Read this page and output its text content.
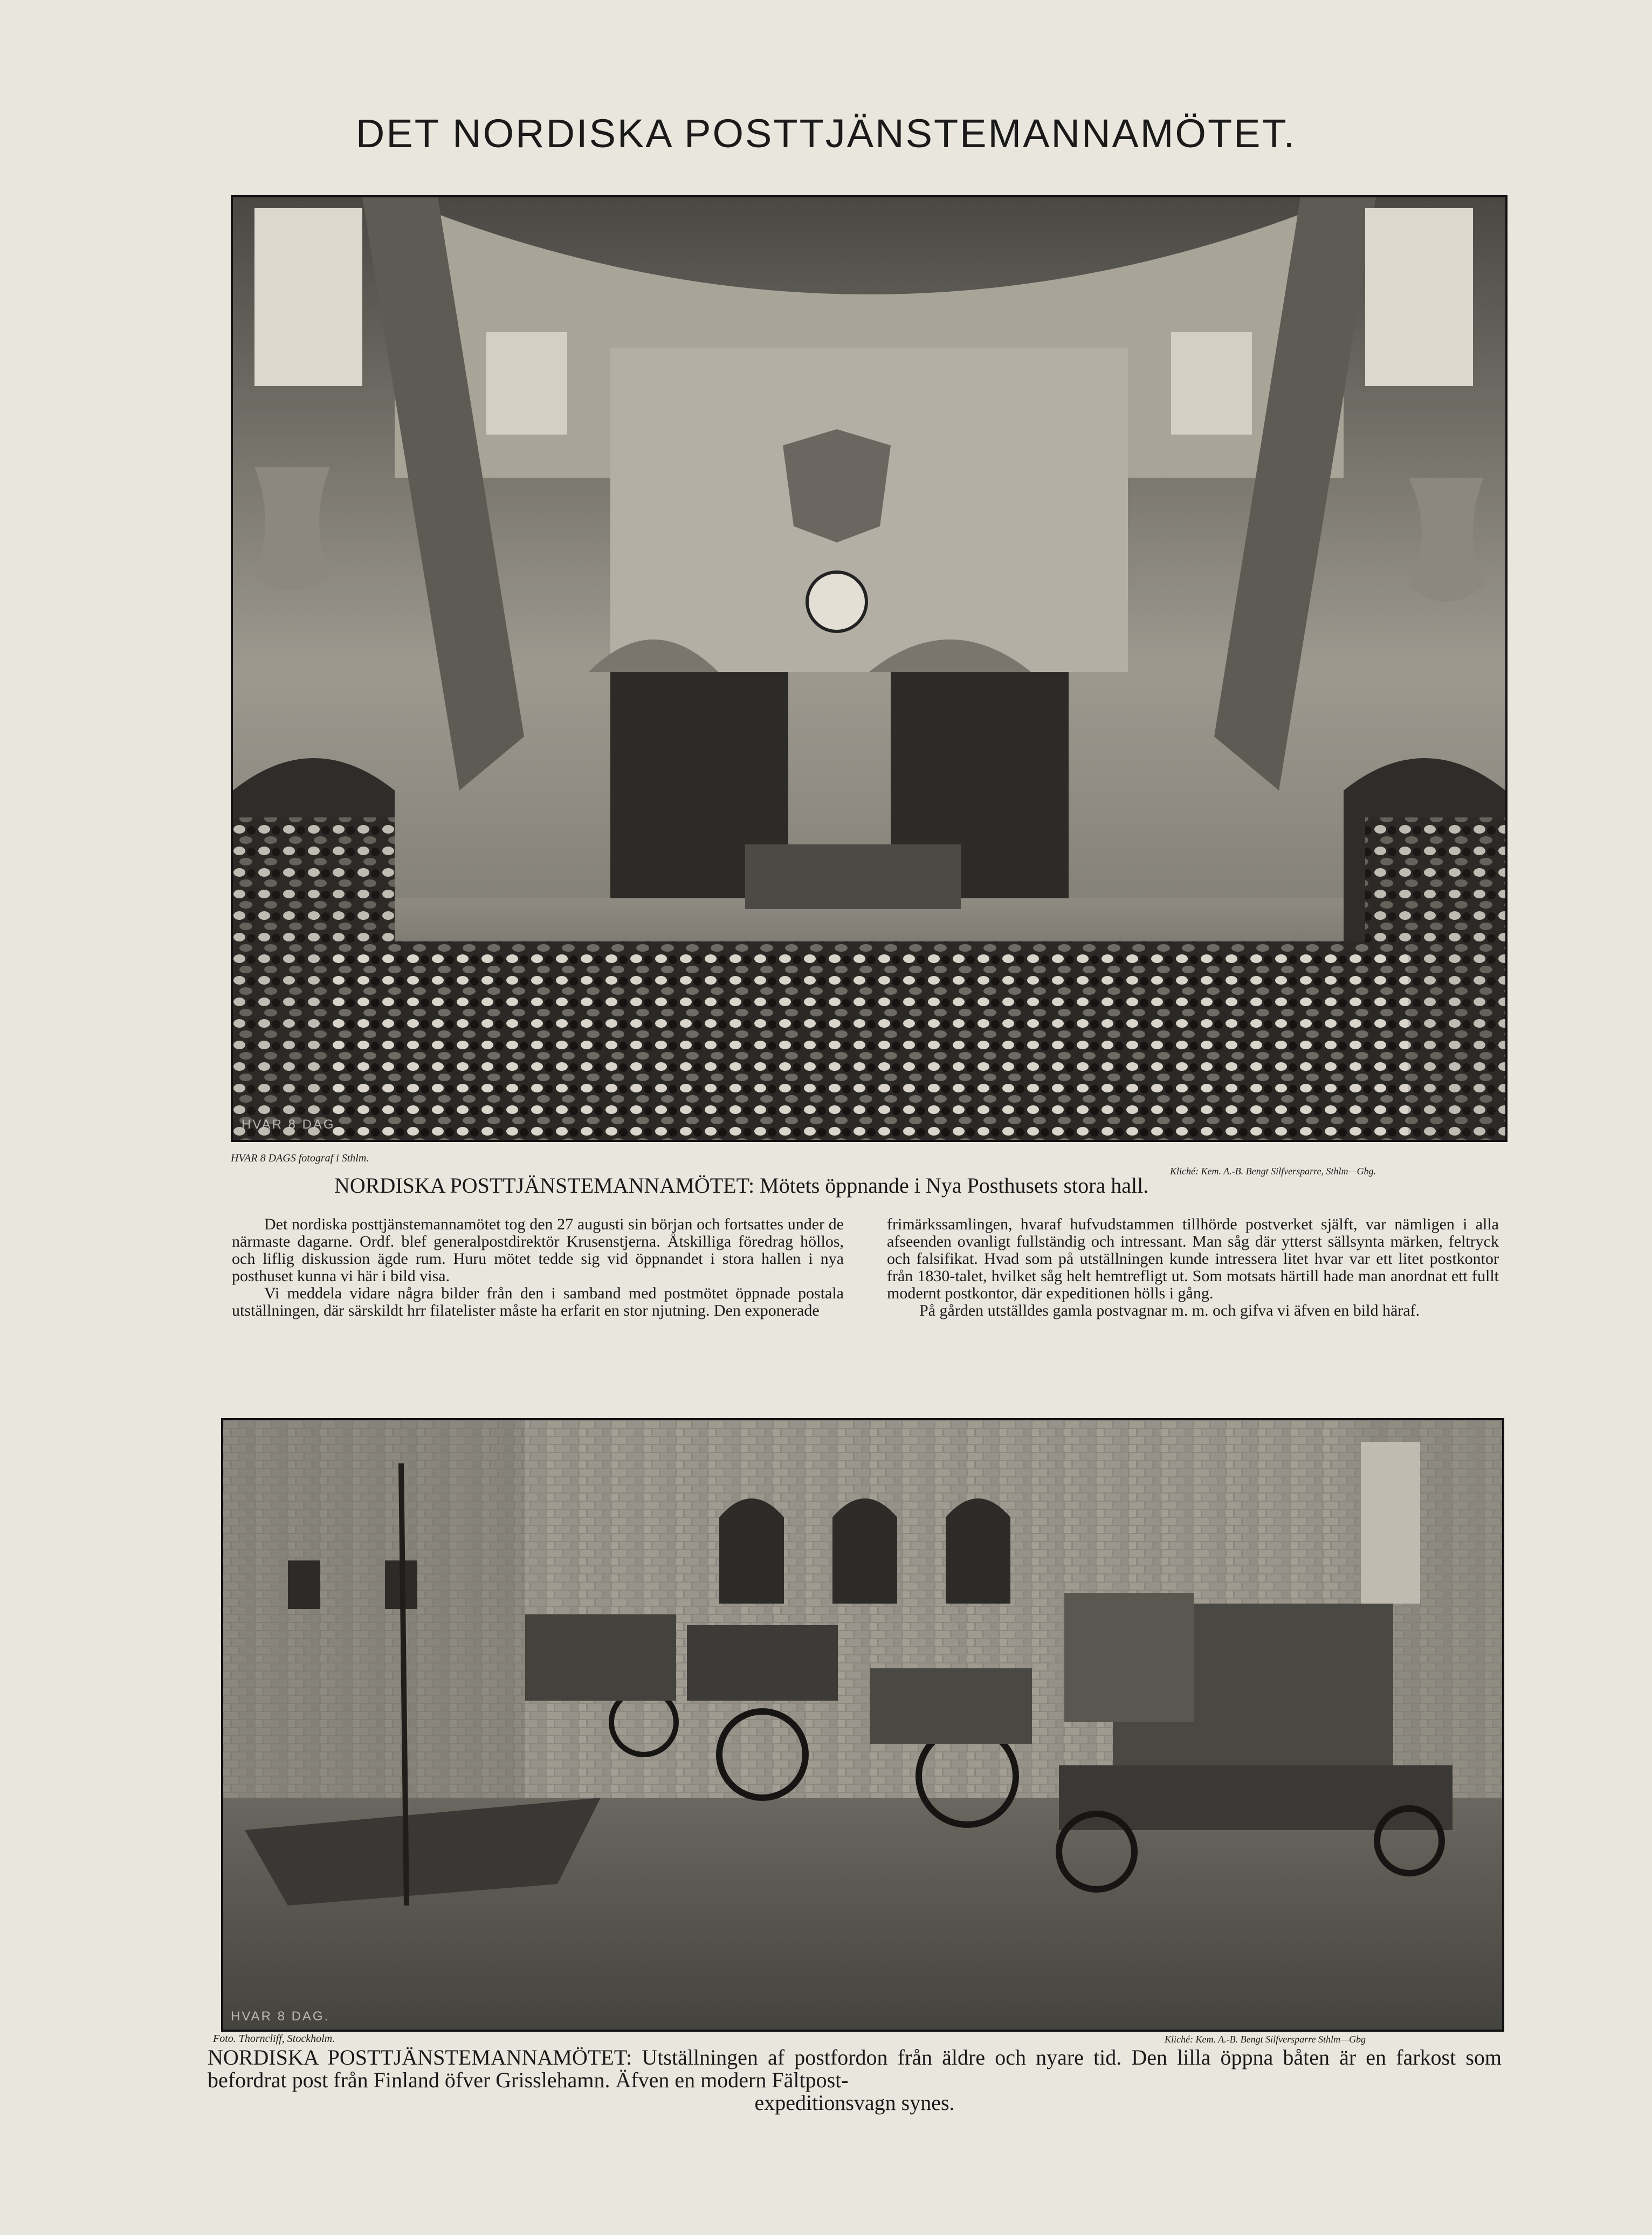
DET NORDISKA POSTTJÄNSTEMANNAMÖTET.
HVAR 8 DAG.
HVAR 8 DAGS fotograf i Sthlm.
Kliché: Kem. A.-B. Bengt Silfversparre, Sthlm—Gbg.
NORDISKA POSTTJÄNSTEMANNAMÖTET: Mötets öppnande i Nya Posthusets stora hall.

Det nordiska posttjänstemannamötet tog den 27 augusti sin början och fortsattes under de närmaste dagarne. Ordf. blef generalpostdirektör Krusenstjerna. Åtskilliga föredrag höllos, och liflig diskussion ägde rum. Huru mötet tedde sig vid öppnandet i stora hallen i nya posthuset kunna vi här i bild visa.

Vi meddela vidare några bilder från den i samband med postmötet öppnade postala utställningen, där särskildt hrr filatelister måste ha erfarit en stor njutning. Den exponerade

frimärkssamlingen, hvaraf hufvudstammen tillhörde postverket själft, var nämligen i alla afseenden ovanligt fullständig och intressant. Man såg där ytterst sällsynta märken, feltryck och falsifikat. Hvad som på utställningen kunde intressera litet hvar var ett litet postkontor från 1830-talet, hvilket såg helt hemtrefligt ut. Som motsats härtill hade man anordnat ett fullt modernt postkontor, där expeditionen hölls i gång.

På gården utställdes gamla postvagnar m. m. och gifva vi äfven en bild häraf.

HVAR 8 DAG.
Foto. Thorncliff, Stockholm.	Kliché: Kem. A.-B. Bengt Silfversparre Sthlm—Gbg
NORDISKA POSTTJÄNSTEMANNAMÖTET: Utställningen af postfordon från äldre och nyare tid. Den lilla öppna båten är en farkost som befordrat post från Finland öfver Grisslehamn. Äfven en modern Fältpost-
expeditionsvagn synes.
